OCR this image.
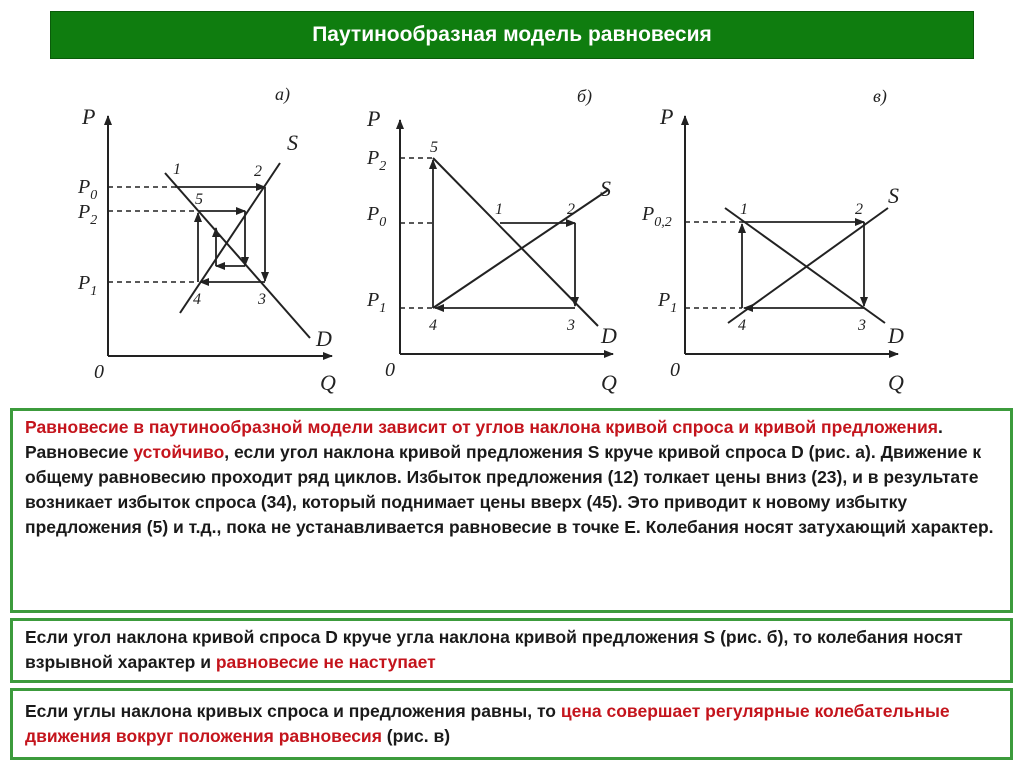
Паутинообразная модель равновесия
а)
P
Q
0
$P_0$
$P_2$
$P_1$
S
D
1	2
5
3
4
б)
P
Q
0
$P_2$
$P_0$
$P_1$
S
D
5
1	2
4	3
в)
P
Q
0
$P_{0,2}$
$P_1$
S
D
1	2
4	3
Равновесие в паутинообразной модели зависит от углов наклона кривой спроса и кривой предложения. Равновесие устойчиво, если угол наклона кривой предложения S круче кривой спроса D (рис. а). Движение к общему равновесию проходит ряд циклов. Избыток предложения (12) толкает цены вниз (23), и в результате возникает избыток спроса (34), который поднимает цены вверх (45). Это приводит к новому избытку предложения (5) и т.д., пока не устанавливается равновесие в точке Е. Колебания носят затухающий характер.
Если угол наклона кривой спроса D круче угла наклона кривой предложения S (рис. б), то колебания носят взрывной характер и равновесие не наступает
Если углы наклона кривых спроса и предложения равны, то цена совершает регулярные колебательные движения вокруг положения равновесия (рис. в)
